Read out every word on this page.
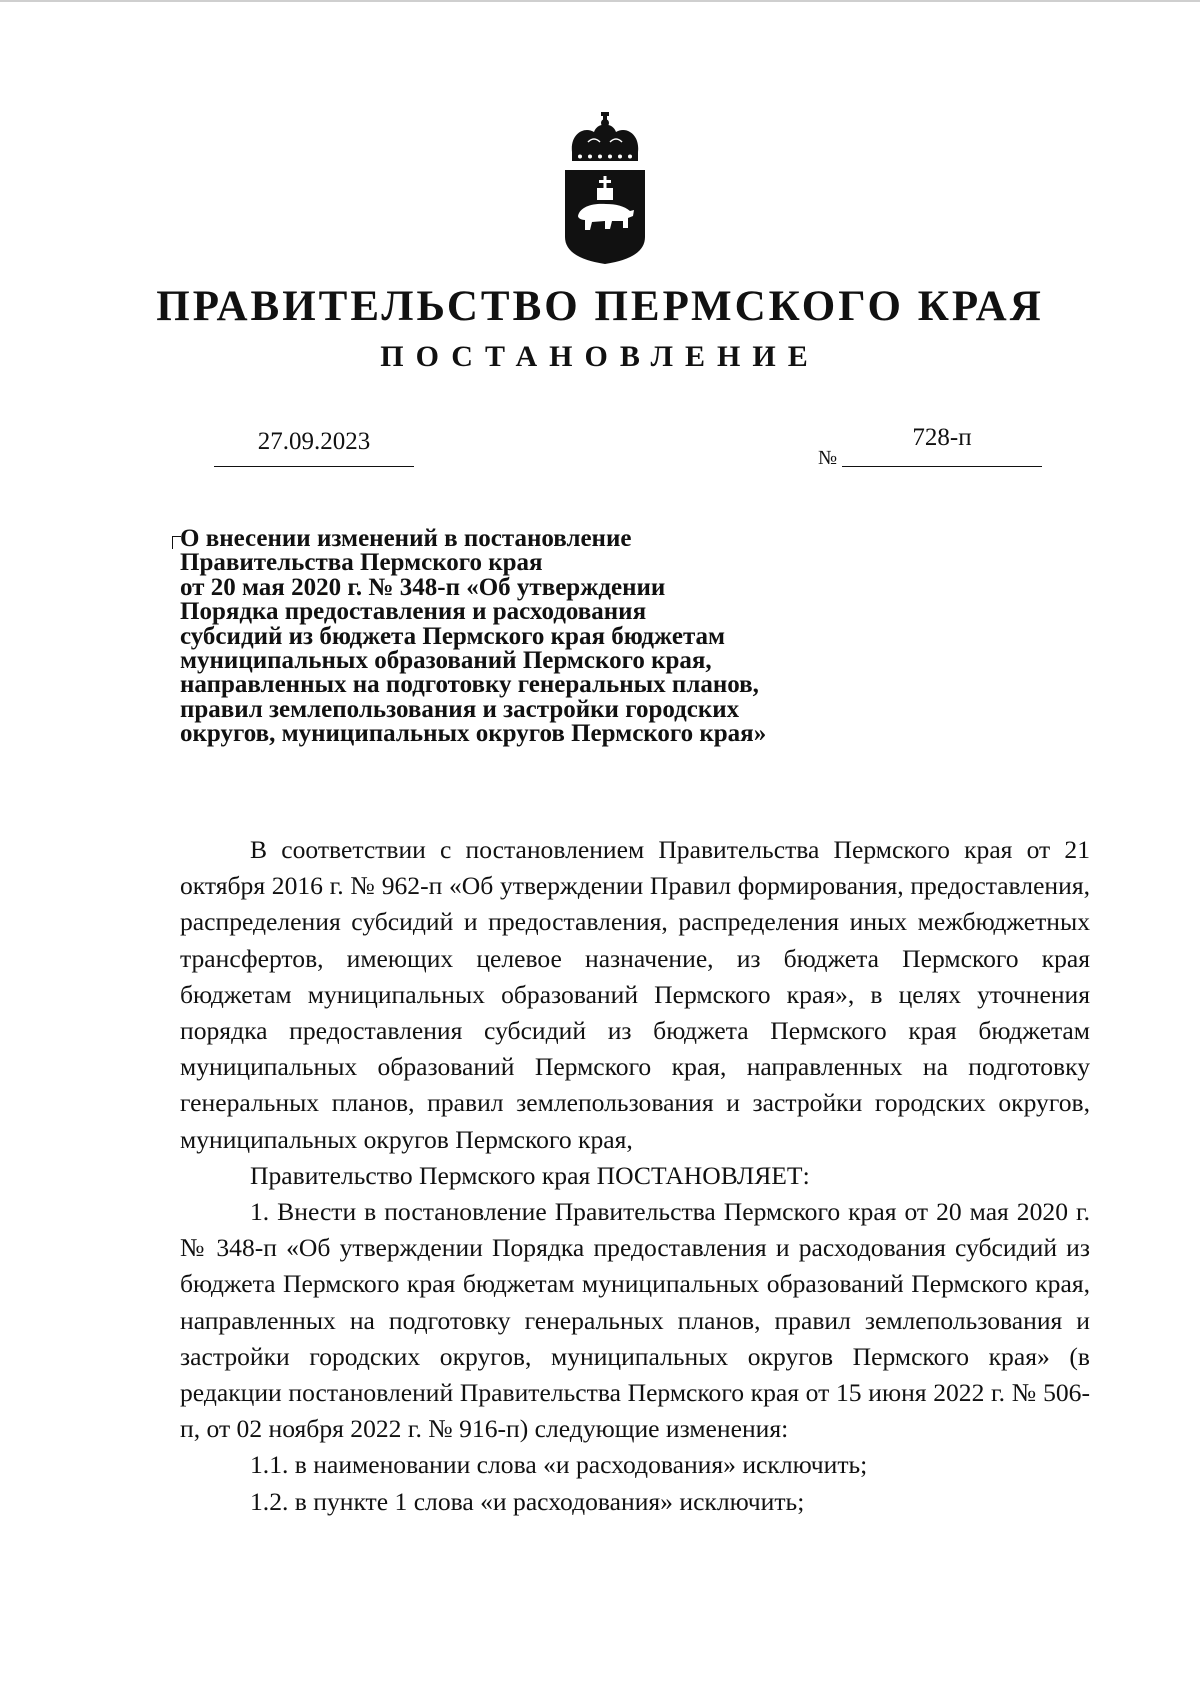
ПРАВИТЕЛЬСТВО ПЕРМСКОГО КРАЯ
ПОСТАНОВЛЕНИЕ
27.09.2023
№
728-п
О внесении изменений в постановление
Правительства Пермского края
от 20 мая 2020 г. № 348-п «Об утверждении
Порядка предоставления и расходования
субсидий из бюджета Пермского края бюджетам
муниципальных образований Пермского края,
направленных на подготовку генеральных планов,
правил землепользования и застройки городских
округов, муниципальных округов Пермского края»

В соответствии с постановлением Правительства Пермского края от 21 октября 2016 г. № 962-п «Об утверждении Правил формирования, предоставления, распределения субсидий и предоставления, распределения иных межбюджетных трансфертов, имеющих целевое назначение, из бюджета Пермского края бюджетам муниципальных образований Пермского края», в целях уточнения порядка предоставления субсидий из бюджета Пермского края бюджетам муниципальных образований Пермского края, направленных на подготовку генеральных планов, правил землепользования и застройки городских округов, муниципальных округов Пермского края,

Правительство Пермского края ПОСТАНОВЛЯЕТ:

1. Внести в постановление Правительства Пермского края от 20 мая 2020 г. № 348-п «Об утверждении Порядка предоставления и расходования субсидий из бюджета Пермского края бюджетам муниципальных образований Пермского края, направленных на подготовку генеральных планов, правил землепользования и застройки городских округов, муниципальных округов Пермского края» (в редакции постановлений Правительства Пермского края от 15 июня 2022 г. № 506-п, от 02 ноября 2022 г. № 916-п) следующие изменения:

1.1. в наименовании слова «и расходования» исключить;

1.2. в пункте 1 слова «и расходования» исключить;
